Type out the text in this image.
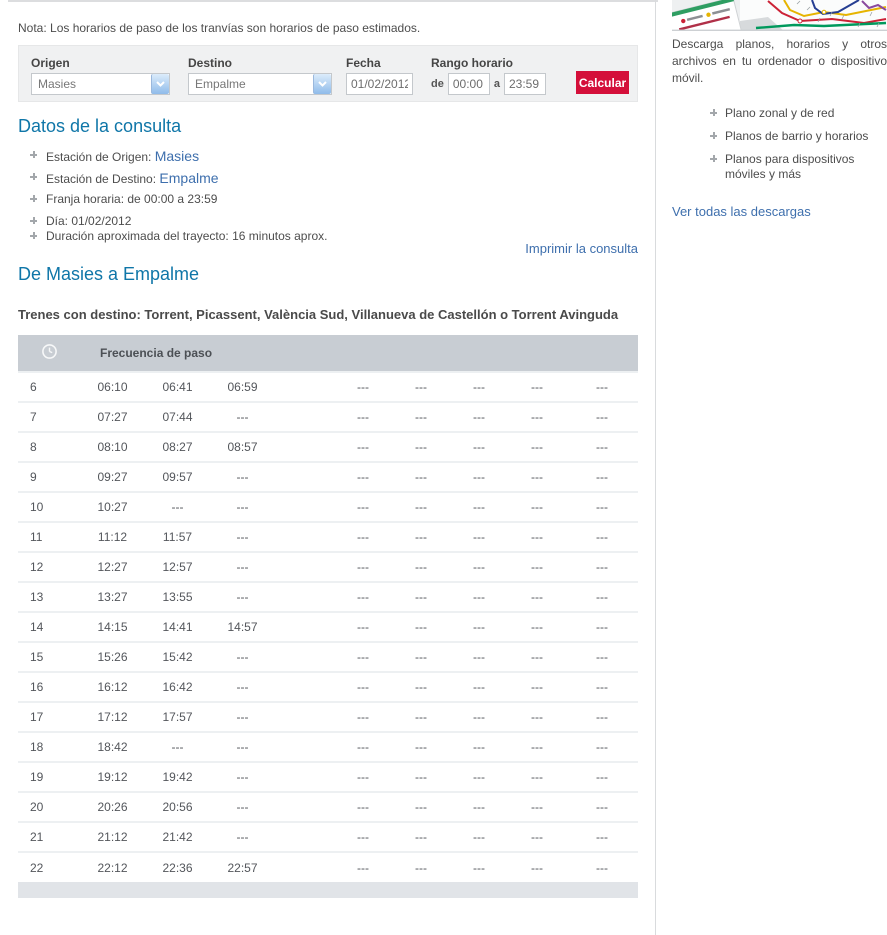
Nota: Los horarios de paso de los tranvías son horarios de paso estimados.
Origen
Masies
Destino
Empalme
Fecha
01/02/2012	Rango horario
de
00:00	a
23:59	Calcular
Datos de la consulta
Estación de Origen: Masies
Estación de Destino: Empalme
Franja horaria: de 00:00 a 23:59
Día: 01/02/2012
Duración aproximada del trayecto: 16 minutos aprox.
Imprimir la consulta
De Masies a Empalme
Trenes con destino: Torrent, Picassent, València Sud, Villanueva de Castellón o Torrent Avinguda
	Frecuencia de paso								
6	06:10	06:41	06:59		---	---	---	---	---
7	07:27	07:44	---		---	---	---	---	---
8	08:10	08:27	08:57		---	---	---	---	---
9	09:27	09:57	---		---	---	---	---	---
10	10:27	---	---		---	---	---	---	---
11	11:12	11:57	---		---	---	---	---	---
12	12:27	12:57	---		---	---	---	---	---
13	13:27	13:55	---		---	---	---	---	---
14	14:15	14:41	14:57		---	---	---	---	---
15	15:26	15:42	---		---	---	---	---	---
16	16:12	16:42	---		---	---	---	---	---
17	17:12	17:57	---		---	---	---	---	---
18	18:42	---	---		---	---	---	---	---
19	19:12	19:42	---		---	---	---	---	---
20	20:26	20:56	---		---	---	---	---	---
21	21:12	21:42	---		---	---	---	---	---
22	22:12	22:36	22:57		---	---	---	---	---

Descarga planos, horarios y otros archivos en tu ordenador o dispositivo móvil.

Plano zonal y de red
Planos de barrio y horarios
Planos para dispositivos móviles y más
Ver todas las descargas
